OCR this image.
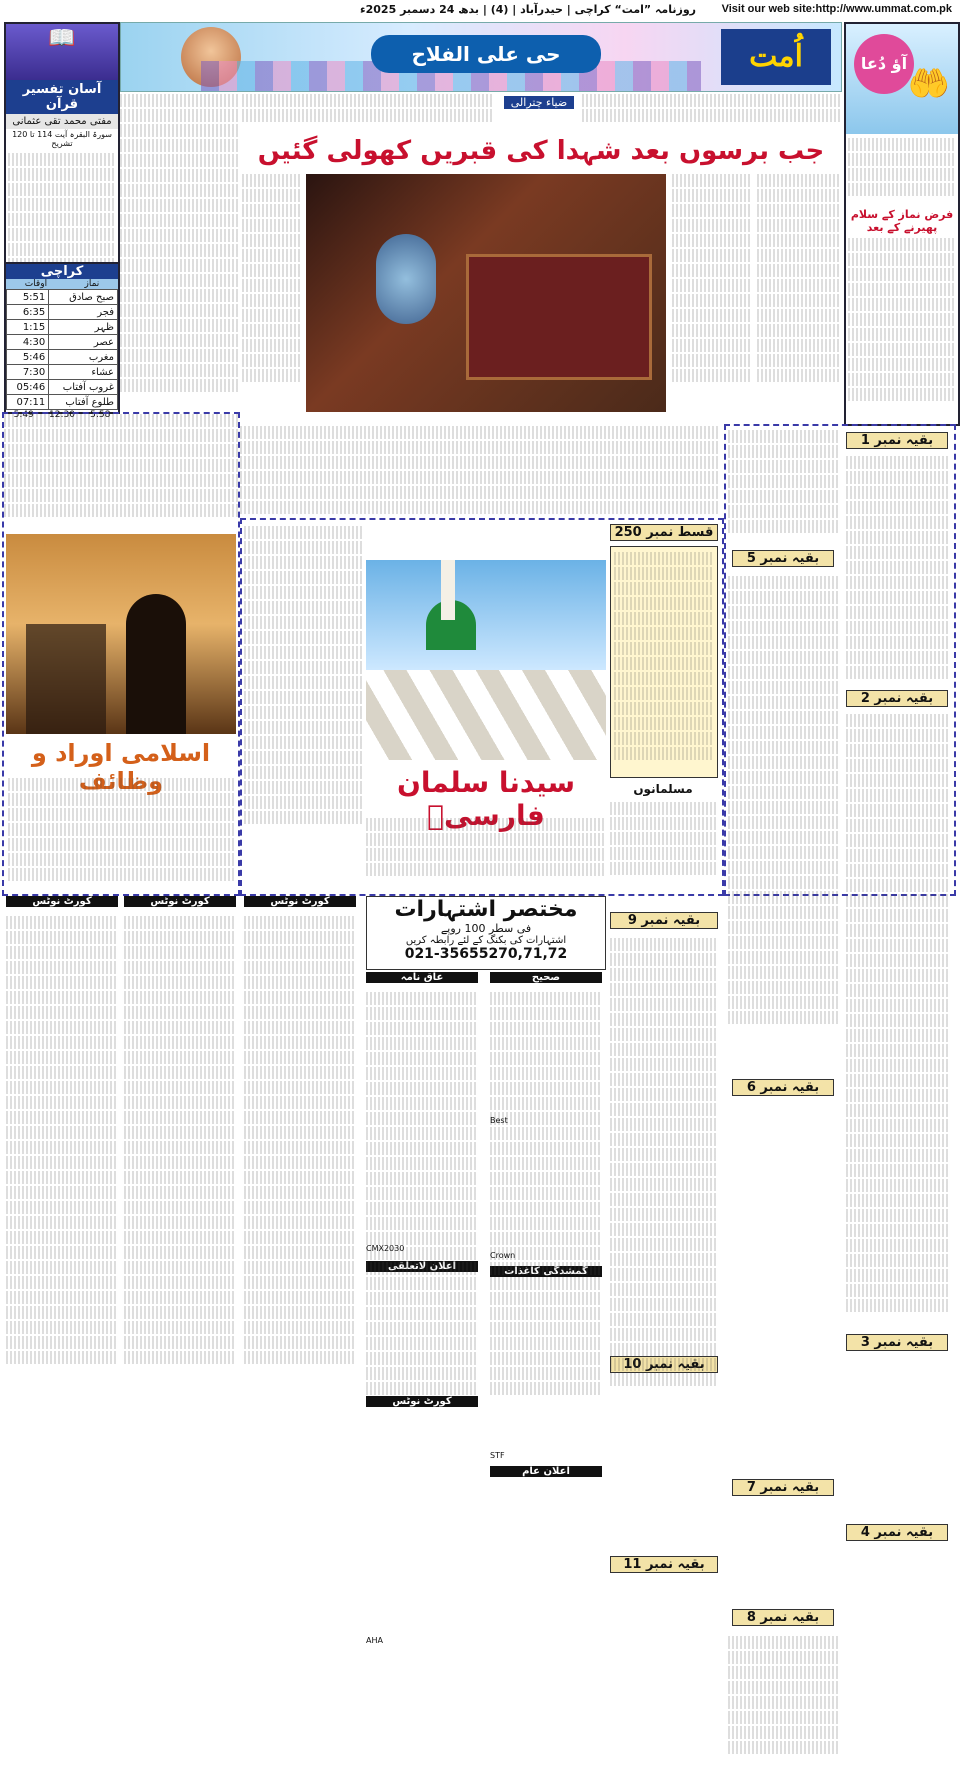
روزنامہ ”امت“ کراچی | حیدرآباد | (4) | بدھ 24 دسمبر 2025ء Visit our web site:http://www.ummat.com.pk
📖
آسان تفسیر قرآن
مفتی محمد تقی عثمانی
سورۃ البقرہ آیت 114 تا 120 تشریح
کراچی
اوقات	نماز
5:51	صبح صادق
6:35	فجر
1:15	ظہر
4:30	عصر
5:46	مغرب
7:30	عشاء
05:46	غروب آفتاب
07:11	طلوع آفتاب
5:49 12:30 5:58
حی علی الفلاح	اُمت	آؤ دُعا
🤲
فرض نماز کے سلام پھیرنے کے بعد
ضیاء چترالی
جب برسوں بعد شہدا کی قبریں کھولی گئیں
اسلامی اوراد و وظائف	سیدنا سلمان فارسیؓ
قسط نمبر 250
مسلمانوں
بقیہ نمبر 1
بقیہ نمبر 2
بقیہ نمبر 5
بقیہ نمبر 6
بقیہ نمبر 3
بقیہ نمبر 7
بقیہ نمبر 4
بقیہ نمبر 8
مختصر اشتہارات
فی سطر 100 روپے
اشتہارات کی بکنگ کے لئے رابطہ کریں
021-35655270,71,72
کورٹ نوٹس	کورٹ نوٹس	کورٹ نوٹس
صحیح
عاق نامہ
گمشدگی کاغذات
اعلان لاتعلقی
کورٹ نوٹس
اعلان عام
بقیہ نمبر 9
بقیہ نمبر 10
بقیہ نمبر 11
Best
Crown
STF
AHA
CMX2030
